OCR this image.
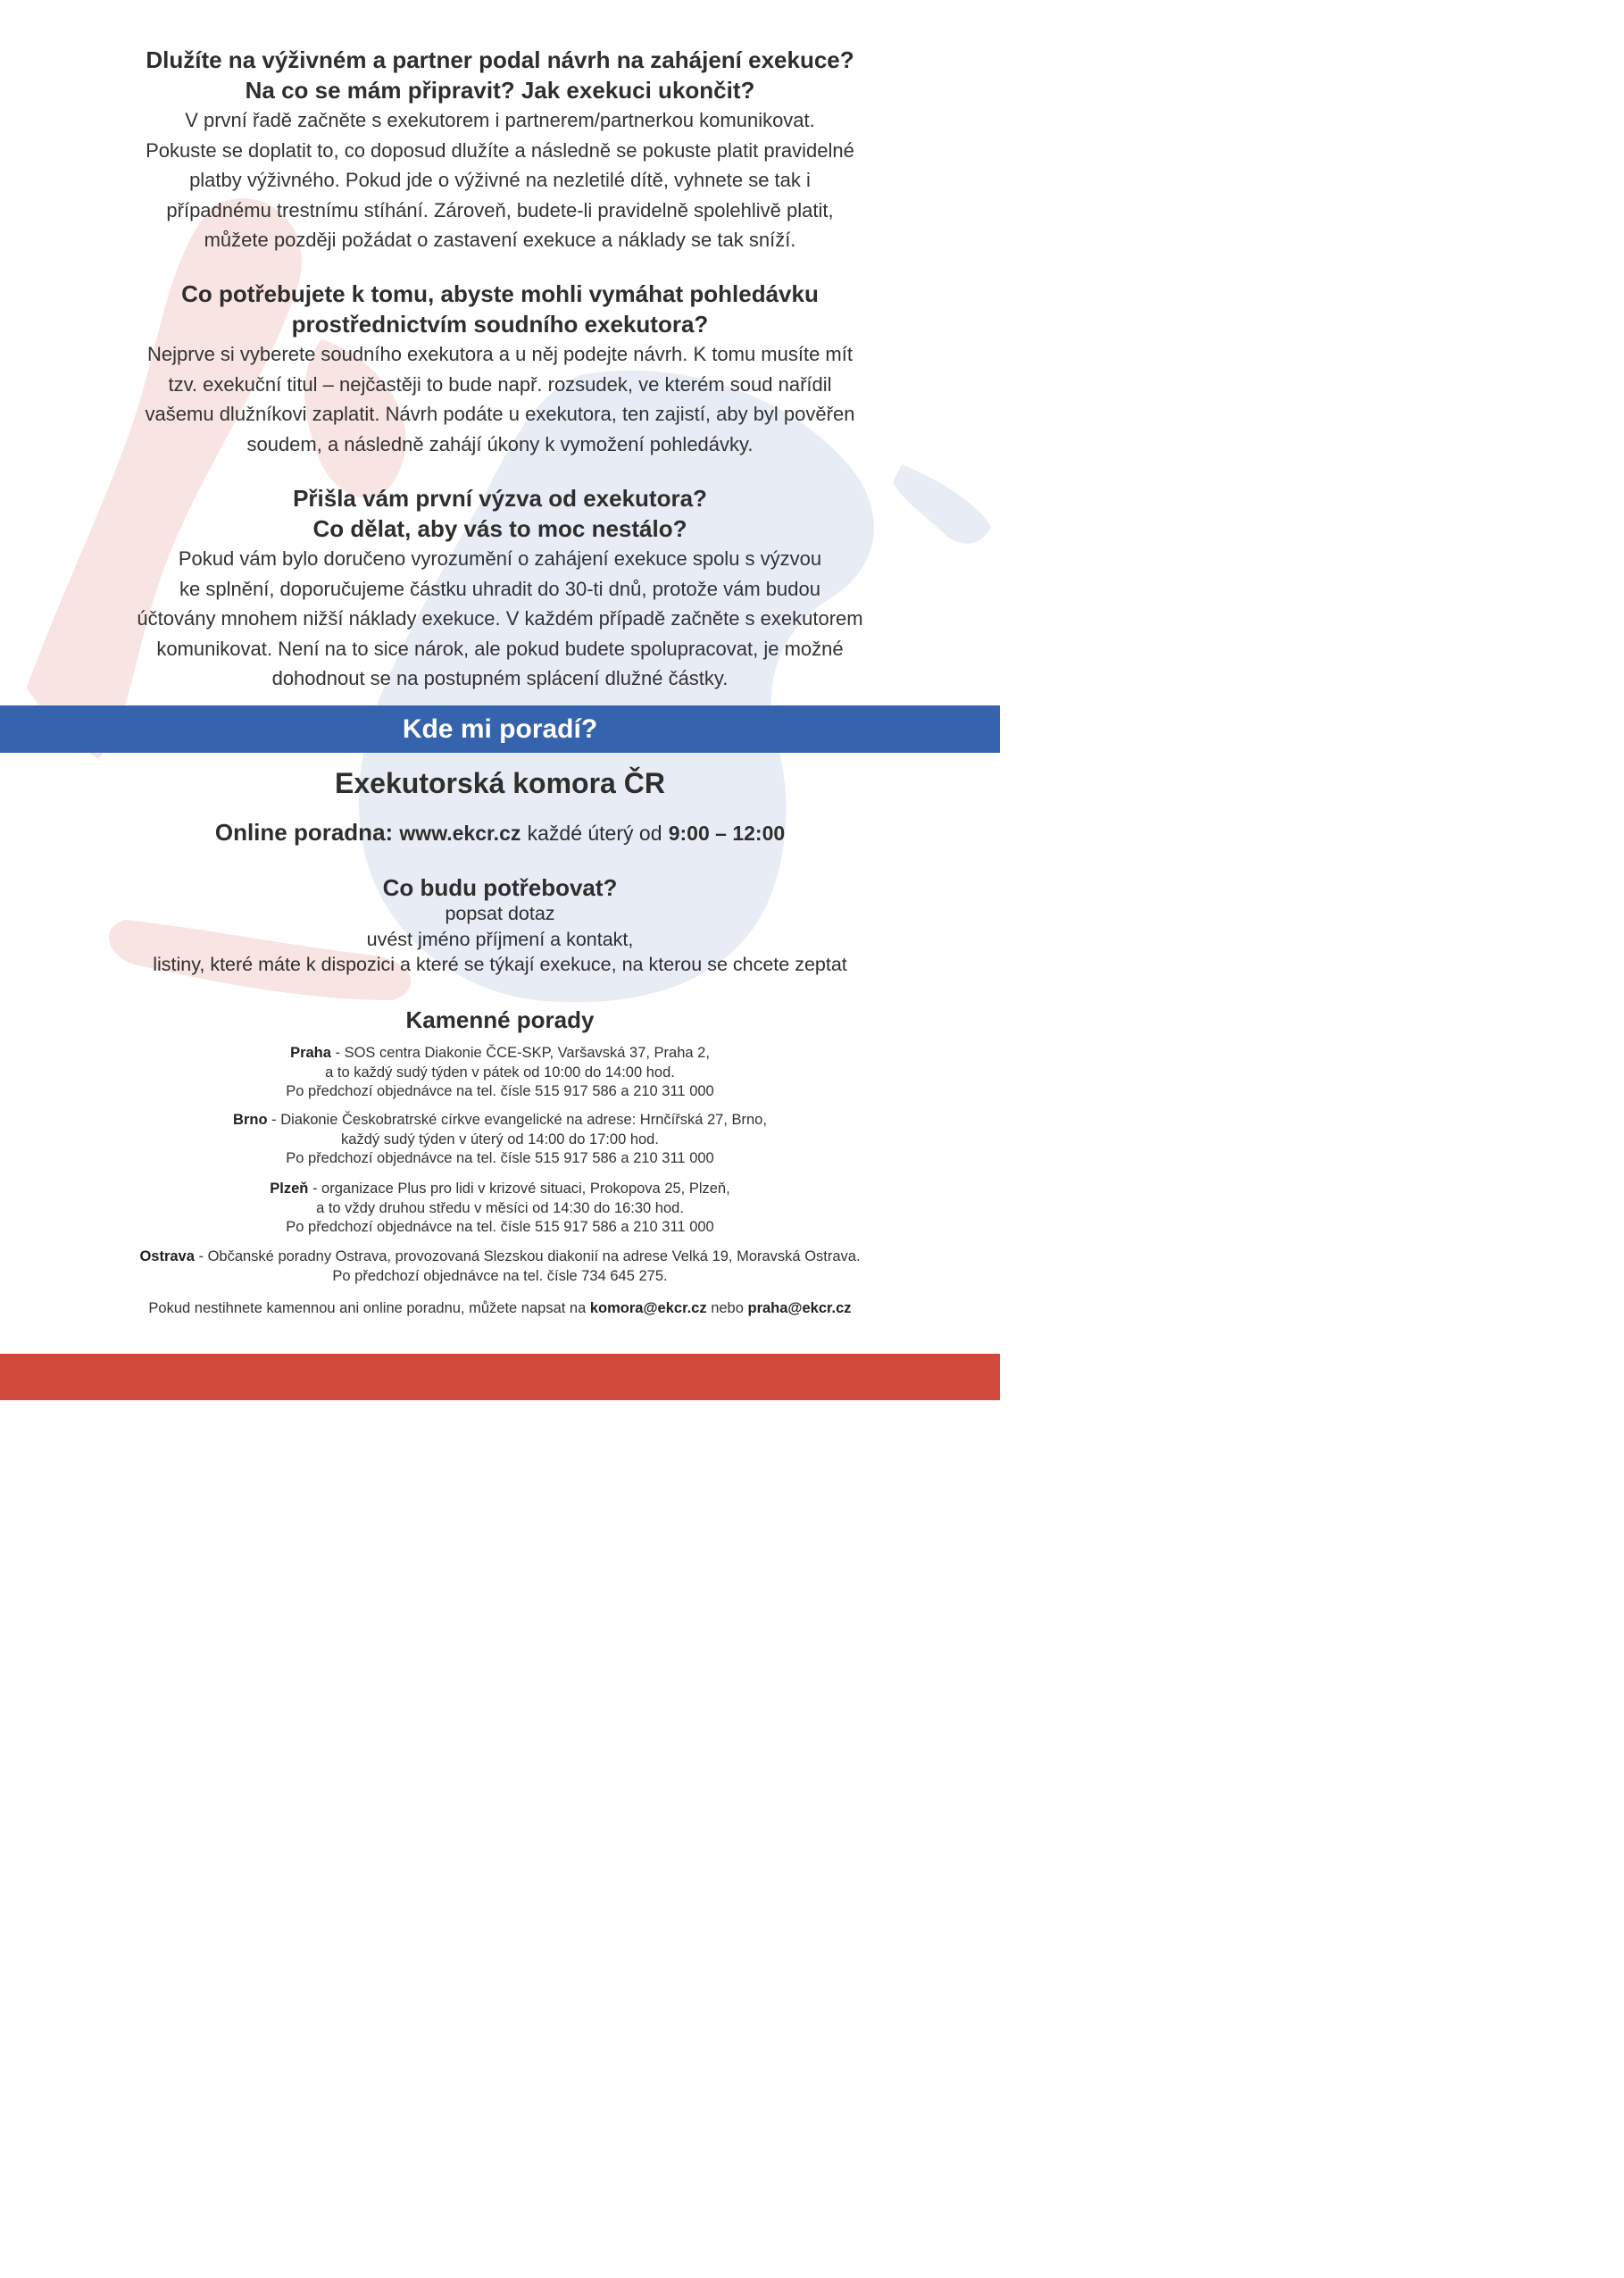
Dlužíte na výživném a partner podal návrh na zahájení exekuce?
Na co se mám připravit? Jak exekuci ukončit?
V první řadě začněte s exekutorem i partnerem/partnerkou komunikovat.
Pokuste se doplatit to, co doposud dlužíte a následně se pokuste platit pravidelné
platby výživného. Pokud jde o výživné na nezletilé dítě, vyhnete se tak i
případnému trestnímu stíhání. Zároveň, budete-li pravidelně spolehlivě platit,
můžete později požádat o zastavení exekuce a náklady se tak sníží.
Co potřebujete k tomu, abyste mohli vymáhat pohledávku
prostřednictvím soudního exekutora?
Nejprve si vyberete soudního exekutora a u něj podejte návrh. K tomu musíte mít
tzv. exekuční titul – nejčastěji to bude např. rozsudek, ve kterém soud nařídil
vašemu dlužníkovi zaplatit. Návrh podáte u exekutora, ten zajistí, aby byl pověřen
soudem, a následně zahájí úkony k vymožení pohledávky.
Přišla vám první výzva od exekutora?
Co dělat, aby vás to moc nestálo?
Pokud vám bylo doručeno vyrozumění o zahájení exekuce spolu s výzvou
ke splnění, doporučujeme částku uhradit do 30-ti dnů, protože vám budou
účtovány mnohem nižší náklady exekuce. V každém případě začněte s exekutorem
komunikovat. Není na to sice nárok, ale pokud budete spolupracovat, je možné
dohodnout se na postupném splácení dlužné částky.
Kde mi poradí?
Exekutorská komora ČR
Online poradna: www.ekcr.cz každé úterý od 9:00 – 12:00
Co budu potřebovat?
popsat dotaz
uvést jméno příjmení a kontakt,
listiny, které máte k dispozici a které se týkají exekuce, na kterou se chcete zeptat
Kamenné porady
Praha - SOS centra Diakonie ČCE-SKP, Varšavská 37, Praha 2,
a to každý sudý týden v pátek od 10:00 do 14:00 hod.
Po předchozí objednávce na tel. čísle 515 917 586 a 210 311 000
Brno - Diakonie Českobratrské církve evangelické na adrese: Hrnčířská 27, Brno,
každý sudý týden v úterý od 14:00 do 17:00 hod.
Po předchozí objednávce na tel. čísle 515 917 586 a 210 311 000
Plzeň - organizace Plus pro lidi v krizové situaci, Prokopova 25, Plzeň,
a to vždy druhou středu v měsíci od 14:30 do 16:30 hod.
Po předchozí objednávce na tel. čísle 515 917 586 a 210 311 000
Ostrava - Občanské poradny Ostrava, provozovaná Slezskou diakonií na adrese Velká 19, Moravská Ostrava.
Po předchozí objednávce na tel. čísle 734 645 275.
Pokud nestihnete kamennou ani online poradnu, můžete napsat na komora@ekcr.cz nebo praha@ekcr.cz
